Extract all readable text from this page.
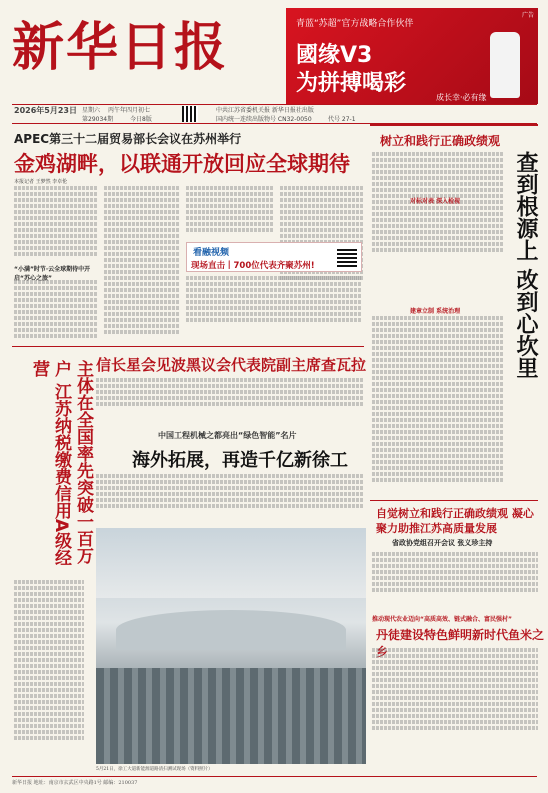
新华日报
广告
青蓝“苏超”官方战略合作伙伴
國缘V3
为拼搏喝彩
成长幸·必有缘
2026年5月23日 星期六 丙午年四月初七
第29034期	今日8版
中共江苏省委机关报 新华日报社出版
国内统一连续出版物号 CN32-0050	代号 27-1
APEC第三十二届贸易部长会议在苏州举行
金鸡湖畔，以联通开放回应全球期待
本报记者 王梦然 李卓伦
“小满”时节·云全球期待中开启“苏心之旅”
看融视频
现场直击丨700位代表齐聚苏州!
树立和践行正确政绩观
对标对表 深入检视
建章立制 系统治理 查到根源上 改到心坎里
信长星会见波黑议会代表院副主席查瓦拉
主体在全国率先突破一百万户 江苏纳税缴费信用A级经营
中国工程机械之都亮出“绿色智能”名片
海外拓展，再造千亿新徐工
5月21日，徐工大道新能源道路清扫测试现场（资料照片）
自觉树立和践行正确政绩观 凝心聚力助推江苏高质量发展
省政协党组召开会议 张义珍主持
推动现代农业迈向“高质高效、链式融合、富民强村”
丹徒建设特色鲜明新时代鱼米之乡
新华日报 地址：南京市玄武区中央路1号 邮编：210037
